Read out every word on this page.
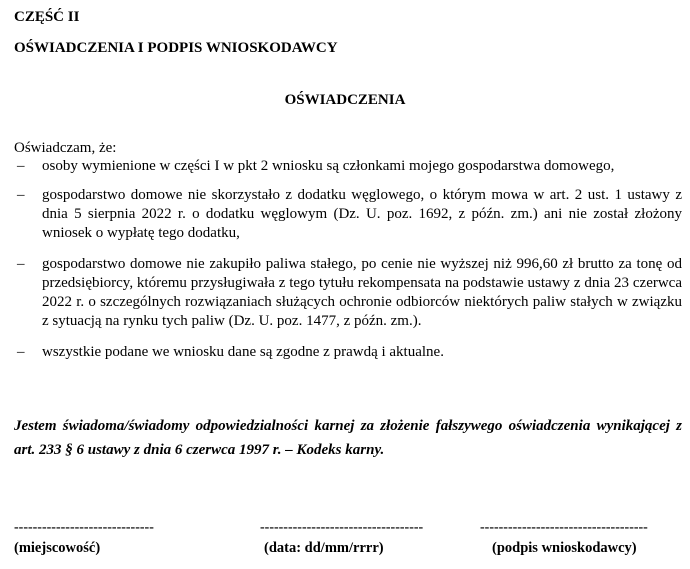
CZĘŚĆ II
OŚWIADCZENIA I PODPIS WNIOSKODAWCY
OŚWIADCZENIA
Oświadczam, że:
– osoby wymienione w części I w pkt 2 wniosku są członkami mojego gospodarstwa domowego,
– gospodarstwo domowe nie skorzystało z dodatku węglowego, o którym mowa w art. 2 ust. 1 ustawy z dnia 5 sierpnia 2022 r. o dodatku węglowym (Dz. U. poz. 1692, z późn. zm.) ani nie został złożony wniosek o wypłatę tego dodatku,
– gospodarstwo domowe nie zakupiło paliwa stałego, po cenie nie wyższej niż 996,60 zł brutto za tonę od przedsiębiorcy, któremu przysługiwała z tego tytułu rekompensata na podstawie ustawy z dnia 23 czerwca 2022 r. o szczególnych rozwiązaniach służących ochronie odbiorców niektórych paliw stałych w związku z sytuacją na rynku tych paliw (Dz. U. poz. 1477, z późn. zm.).
– wszystkie podane we wniosku dane są zgodne z prawdą i aktualne.
Jestem świadoma/świadomy odpowiedzialności karnej za złożenie fałszywego oświadczenia wynikającej z art. 233 § 6 ustawy z dnia 6 czerwca 1997 r. – Kodeks karny.
------------------------------	-----------------------------------	------------------------------------
(miejscowość)	(data: dd/mm/rrrr)	(podpis wnioskodawcy)
